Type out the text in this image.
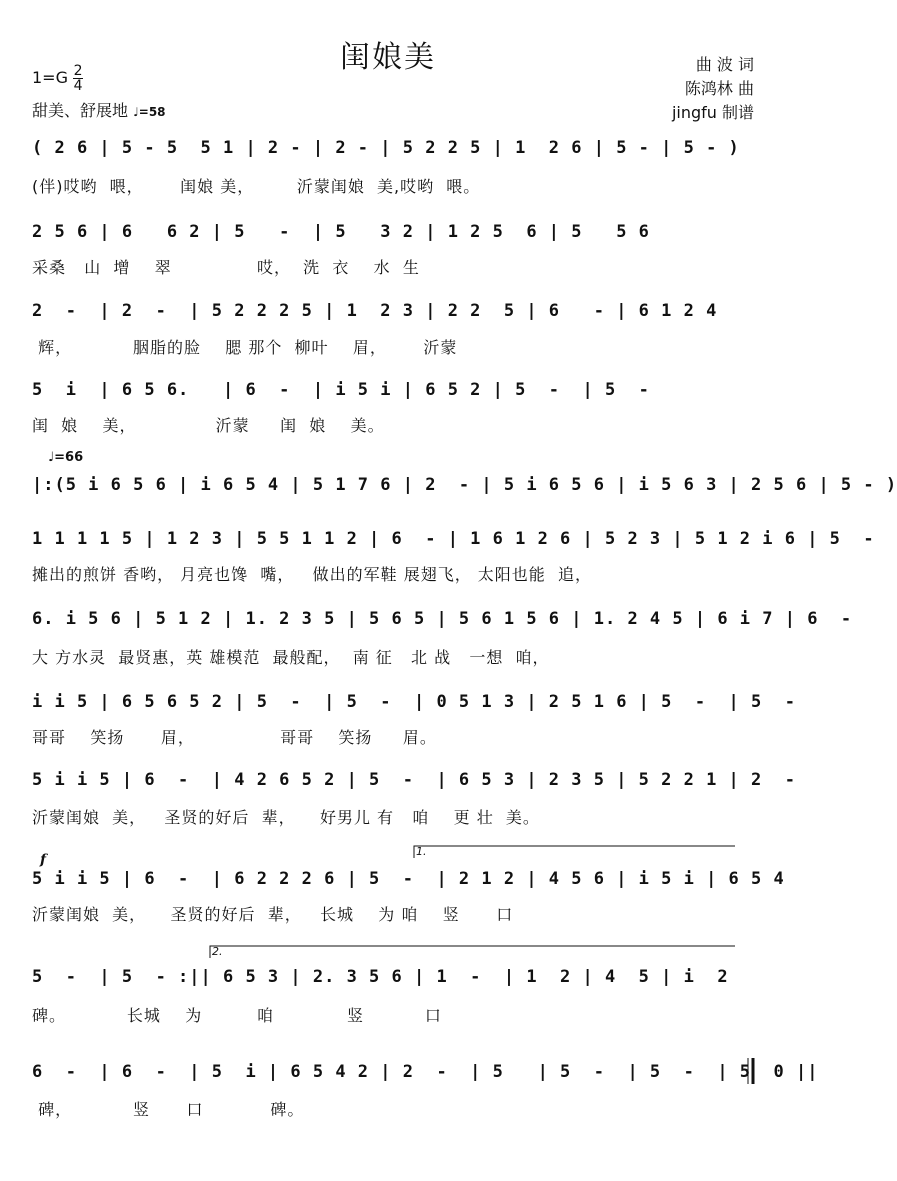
闺娘美
$1=G \frac{2}{4}$
甜美、舒展地 ♩=58
曲 波 词
陈鸿林 曲
jingfu 制谱
♩=66
f
1.
2.
( 2 6 | 5 - 5  5 1 | 2 - | 2 - | 5 2 2 5 | 1  2 6 | 5 - | 5 - )
(伴)哎哟  喂，      闺娘 美，       沂蒙闺娘  美,哎哟  喂。
2 5 6 | 6   6 2 | 5   -  | 5   3 2 | 1 2 5  6 | 5   5 6
采桑   山  增    翠              哎，  洗  衣    水  生
2  -  | 2  -  | 5 2 2 2 5 | 1  2 3 | 2 2  5 | 6   - | 6 1 2 4
辉，          胭脂的脸    腮 那个  柳叶    眉，      沂蒙
5  i  | 6 5 6.   | 6  -  | i 5 i | 6 5 2 | 5  -  | 5  -
闺  娘    美，             沂蒙     闺  娘    美。
|:(5 i 6 5 6 | i 6 5 4 | 5 1 7 6 | 2  - | 5 i 6 5 6 | i 5 6 3 | 2 5 6 | 5 - )
1 1 1 1 5 | 1 2 3 | 5 5 1 1 2 | 6  - | 1 6 1 2 6 | 5 2 3 | 5 1 2 i 6 | 5  -
摊出的煎饼 香哟， 月亮也馋  嘴，   做出的军鞋 展翅飞， 太阳也能  追，
6. i 5 6 | 5 1 2 | 1. 2 3 5 | 5 6 5 | 5 6 1 5 6 | 1. 2 4 5 | 6 i 7 | 6  -
大 方水灵  最贤惠，英 雄模范  最般配，  南 征   北 战   一想  咱，
i i 5 | 6 5 6 5 2 | 5  -  | 5  -  | 0 5 1 3 | 2 5 1 6 | 5  -  | 5  -
哥哥    笑扬      眉，              哥哥    笑扬     眉。
5 i i 5 | 6  -  | 4 2 6 5 2 | 5  -  | 6 5 3 | 2 3 5 | 5 2 2 1 | 2  -
沂蒙闺娘  美，   圣贤的好后  辈，    好男儿 有   咱    更 壮  美。
5 i i 5 | 6  -  | 6 2 2 2 6 | 5  -  | 2 1 2 | 4 5 6 | i 5 i | 6 5 4
沂蒙闺娘  美，    圣贤的好后  辈，   长城    为 咱    竖      口
5  -  | 5  - :|| 6 5 3 | 2. 3 5 6 | 1  -  | 1  2 | 4  5 | i  2
碑。          长城    为         咱            竖          口
6  -  | 6  -  | 5  i | 6 5 4 2 | 2  -  | 5   | 5  -  | 5  -  | 5  0 ||
碑，          竖      口           碑。
